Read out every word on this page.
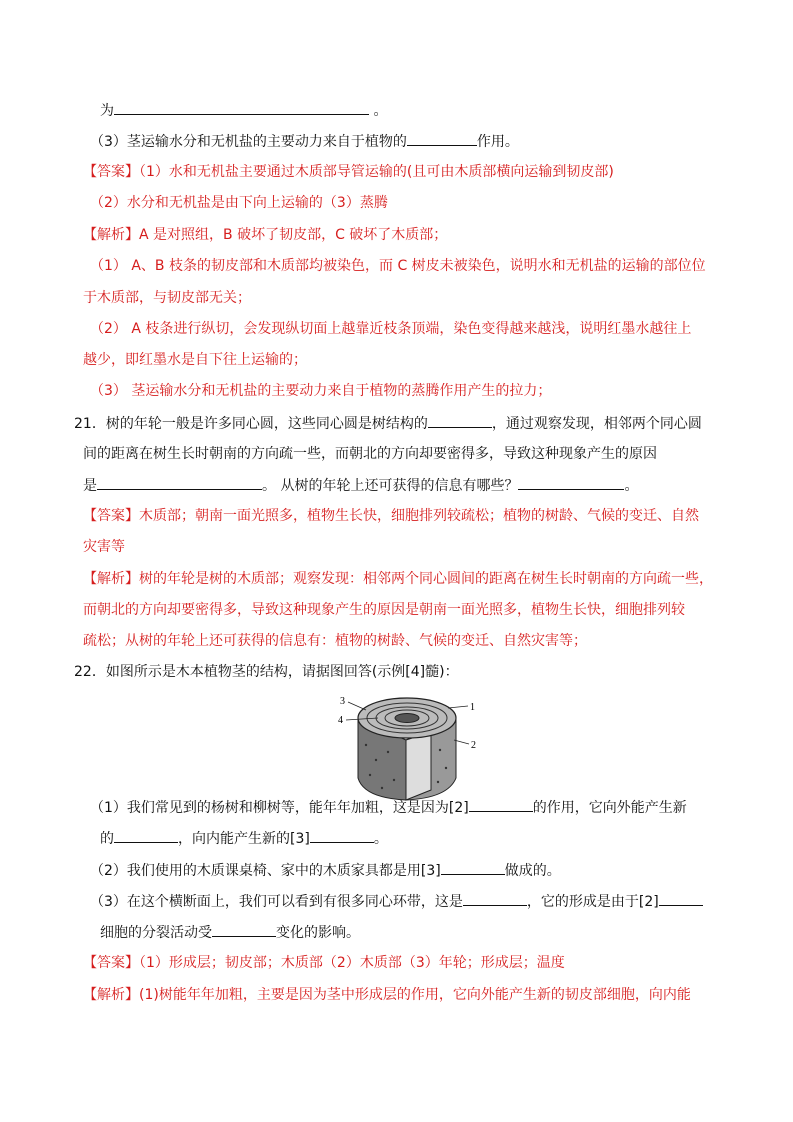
为	。
（3）茎运输水分和无机盐的主要动力来自于植物的	作用。
【答案】（1）水和无机盐主要通过木质部导管运输的(且可由木质部横向运输到韧皮部)
（2）水分和无机盐是由下向上运输的（3）蒸腾
【解析】A 是对照组，B 破坏了韧皮部，C 破坏了木质部；
（1） A、B 枝条的韧皮部和木质部均被染色，而 C 树皮未被染色，说明水和无机盐的运输的部位位
于木质部，与韧皮部无关；
（2） A 枝条进行纵切，会发现纵切面上越靠近枝条顶端，染色变得越来越浅，说明红墨水越往上
越少，即红墨水是自下往上运输的；
（3） 茎运输水分和无机盐的主要动力来自于植物的蒸腾作用产生的拉力；
21．树的年轮一般是许多同心圆，这些同心圆是树结构的	，通过观察发现，相邻两个同心圆
间的距离在树生长时朝南的方向疏一些，而朝北的方向却要密得多，导致这种现象产生的原因
是	。 从树的年轮上还可获得的信息有哪些？	。
【答案】木质部；朝南一面光照多，植物生长快，细胞排列较疏松；植物的树龄、气候的变迁、自然
灾害等
【解析】树的年轮是树的木质部；观察发现：相邻两个同心圆间的距离在树生长时朝南的方向疏一些，
而朝北的方向却要密得多，导致这种现象产生的原因是朝南一面光照多，植物生长快，细胞排列较
疏松；从树的年轮上还可获得的信息有：植物的树龄、气候的变迁、自然灾害等；
22．如图所示是木本植物茎的结构，请据图回答(示例[4]髓)：
1
2
3
4
（1）我们常见到的杨树和柳树等，能年年加粗，这是因为[2]	的作用，它向外能产生新
的	，向内能产生新的[3]	。
（2）我们使用的木质课桌椅、家中的木质家具都是用[3]	做成的。
（3）在这个横断面上，我们可以看到有很多同心环带，这是	，它的形成是由于[2]
细胞的分裂活动受	变化的影响。
【答案】（1）形成层；韧皮部；木质部（2）木质部（3）年轮；形成层；温度
【解析】(1)树能年年加粗，主要是因为茎中形成层的作用，它向外能产生新的韧皮部细胞，向内能
